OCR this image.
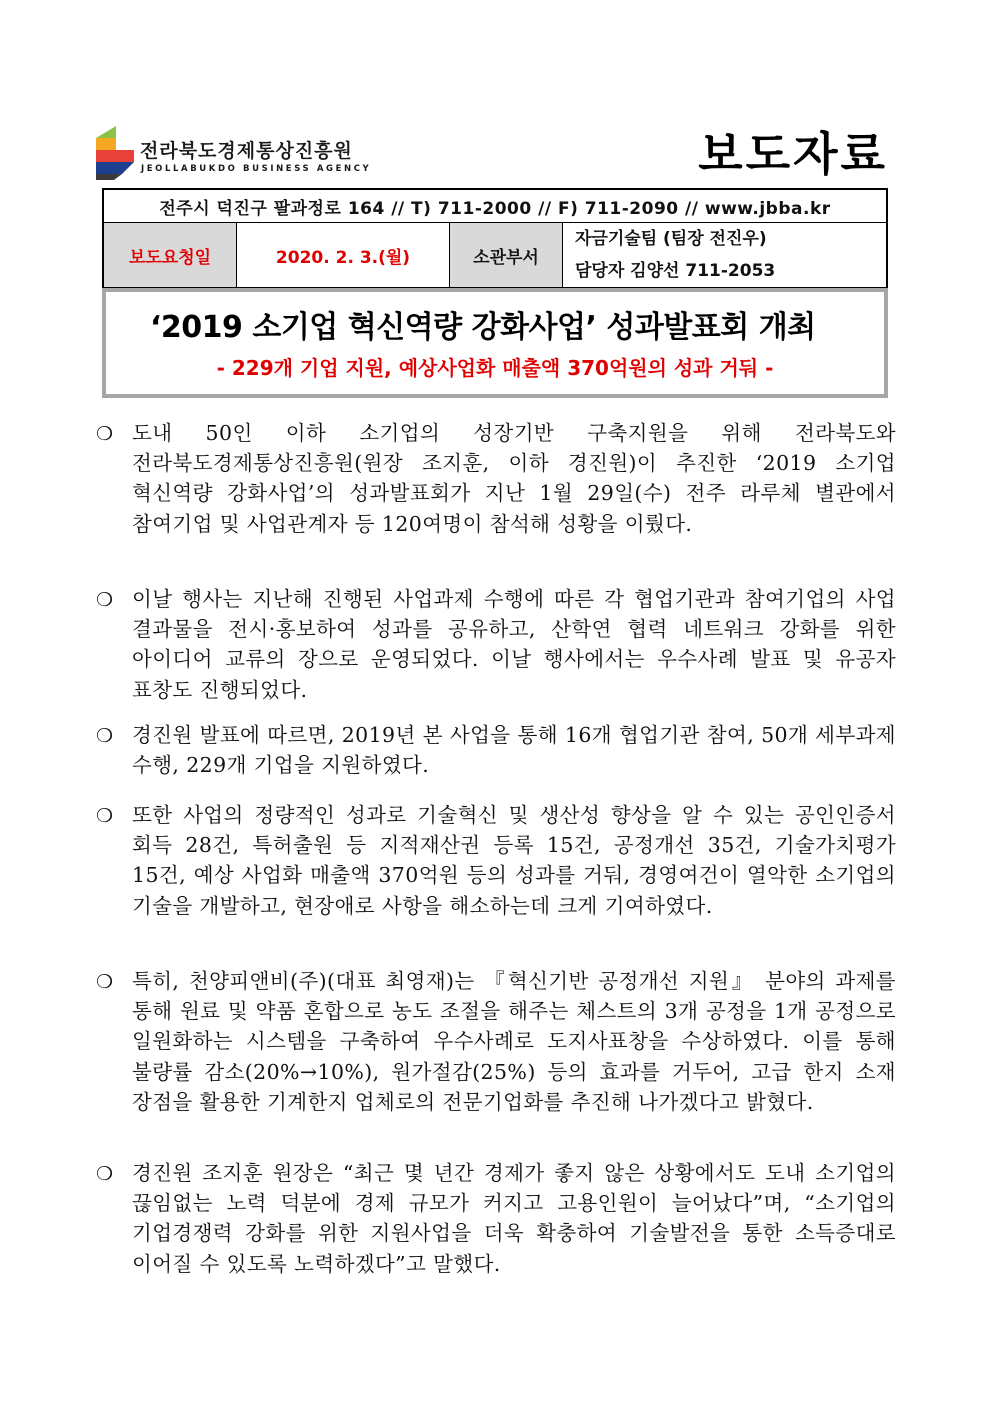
전라북도경제통상진흥원
JEOLLABUKDO BUSINESS AGENCY	보도자료
전주시 덕진구 팔과정로 164 // T) 711-2000 // F) 711-2090 // www.jbba.kr
보도요청일	2020. 2. 3.(월)	소관부서	자금기술팀 (팀장 전진우)
담당자 김양선 711-2053
‘2019 소기업 혁신역량 강화사업’ 성과발표회 개최
- 229개 기업 지원, 예상사업화 매출액 370억원의 성과 거둬 -
❍ 도내 50인 이하 소기업의 성장기반 구축지원을 위해 전라북도와 전라북도경제통상진흥원(원장 조지훈, 이하 경진원)이 추진한 ‘2019 소기업 혁신역량 강화사업’의 성과발표회가 지난 1월 29일(수) 전주 라루체 별관에서 참여기업 및 사업관계자 등 120여명이 참석해 성황을 이뤘다.
❍ 이날 행사는 지난해 진행된 사업과제 수행에 따른 각 협업기관과 참여기업의 사업 결과물을 전시·홍보하여 성과를 공유하고, 산학연 협력 네트워크 강화를 위한 아이디어 교류의 장으로 운영되었다. 이날 행사에서는 우수사례 발표 및 유공자 표창도 진행되었다.
❍ 경진원 발표에 따르면, 2019년 본 사업을 통해 16개 협업기관 참여, 50개 세부과제 수행, 229개 기업을 지원하였다.
❍ 또한 사업의 정량적인 성과로 기술혁신 및 생산성 향상을 알 수 있는 공인인증서 회득 28건, 특허출원 등 지적재산권 등록 15건, 공정개선 35건, 기술가치평가 15건, 예상 사업화 매출액 370억원 등의 성과를 거둬, 경영여건이 열악한 소기업의 기술을 개발하고, 현장애로 사항을 해소하는데 크게 기여하였다.
❍ 특히, 천양피앤비(주)(대표 최영재)는 『혁신기반 공정개선 지원』 분야의 과제를 통해 원료 및 약품 혼합으로 농도 조절을 해주는 체스트의 3개 공정을 1개 공정으로 일원화하는 시스템을 구축하여 우수사례로 도지사표창을 수상하였다. 이를 통해 불량률 감소(20%→10%), 원가절감(25%) 등의 효과를 거두어, 고급 한지 소재 장점을 활용한 기계한지 업체로의 전문기업화를 추진해 나가겠다고 밝혔다.
❍ 경진원 조지훈 원장은 “최근 몇 년간 경제가 좋지 않은 상황에서도 도내 소기업의 끊임없는 노력 덕분에 경제 규모가 커지고 고용인원이 늘어났다”며, “소기업의 기업경쟁력 강화를 위한 지원사업을 더욱 확충하여 기술발전을 통한 소득증대로 이어질 수 있도록 노력하겠다”고 말했다.
